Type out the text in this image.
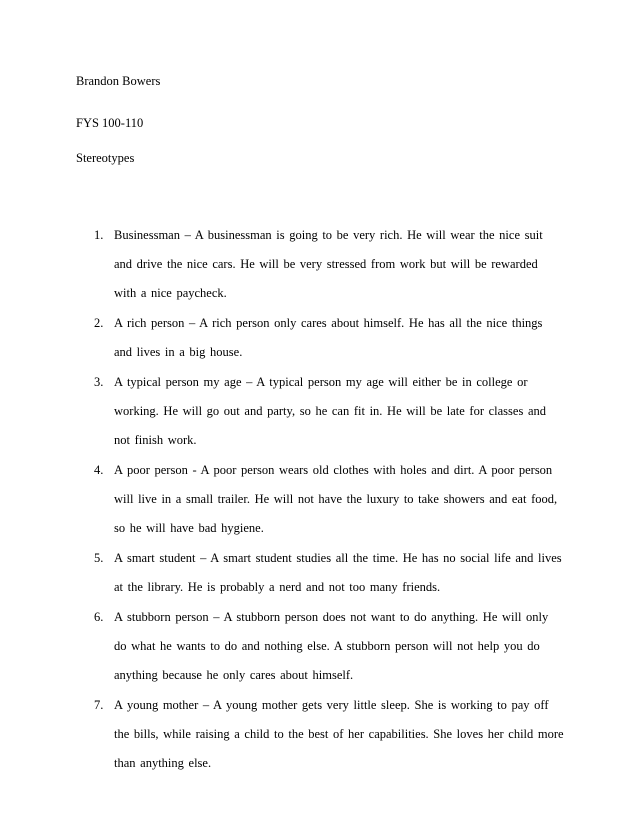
Brandon Bowers
FYS 100-110
Stereotypes
1. Businessman – A businessman is going to be very rich. He will wear the nice suit and drive the nice cars. He will be very stressed from work but will be rewarded with a nice paycheck.
2. A rich person – A rich person only cares about himself. He has all the nice things and lives in a big house.
3. A typical person my age – A typical person my age will either be in college or working. He will go out and party, so he can fit in. He will be late for classes and not finish work.
4. A poor person - A poor person wears old clothes with holes and dirt. A poor person will live in a small trailer. He will not have the luxury to take showers and eat food, so he will have bad hygiene.
5. A smart student – A smart student studies all the time. He has no social life and lives at the library. He is probably a nerd and not too many friends.
6. A stubborn person – A stubborn person does not want to do anything. He will only do what he wants to do and nothing else. A stubborn person will not help you do anything because he only cares about himself.
7. A young mother – A young mother gets very little sleep. She is working to pay off the bills, while raising a child to the best of her capabilities. She loves her child more than anything else.
